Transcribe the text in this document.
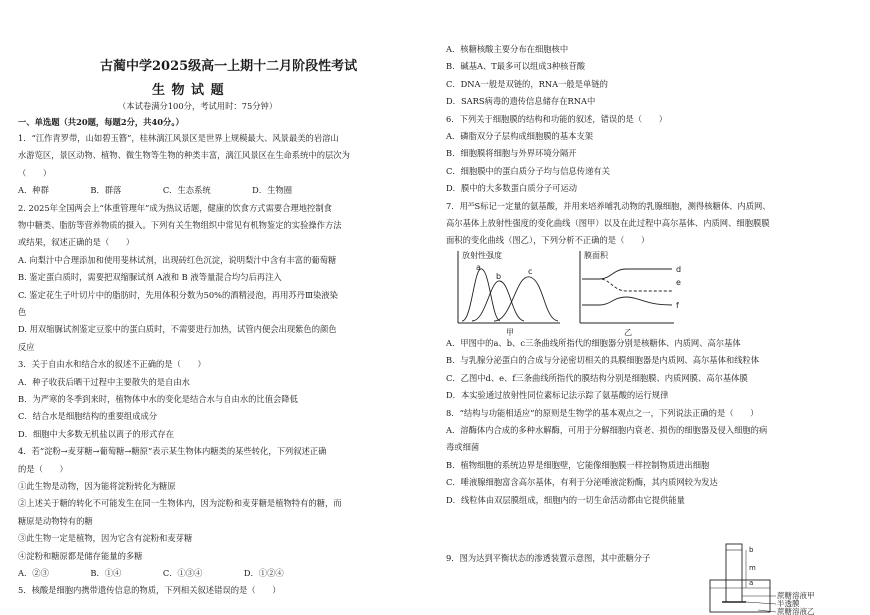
古蔺中学2025级高一上期十二月阶段性考试
生 物 试 题
（本试卷满分100分，考试用时：75分钟）
一、单选题（共20题，每题2分，共40分。）
1．“江作青罗带，山如碧玉簪”，桂林漓江风景区是世界上规模最大、风景最美的岩溶山
水游览区，景区动物、植物、微生物等生物的种类丰富，漓江风景区在生命系统中的层次为
（　　）
A．种群　　　　　B．群落　　　　　C．生态系统　　　　　D．生物圈
2. 2025年全国两会上“体重管理年”成为热议话题，健康的饮食方式需要合理地控制食
物中糖类、脂肪等营养物质的摄入。下列有关生物组织中常见有机物鉴定的实验操作方法
或结果，叙述正确的是（　　）
A. 向梨汁中合理添加和使用斐林试剂，出现砖红色沉淀，说明梨汁中含有丰富的葡萄糖
B. 鉴定蛋白质时，需要把双缩脲试剂 A液和 B 液等量混合均匀后再注入
C. 鉴定花生子叶切片中的脂肪时，先用体积分数为50%的酒精浸泡，再用苏丹Ⅲ染液染
色
D. 用双缩脲试剂鉴定豆浆中的蛋白质时，不需要进行加热，试管内便会出现紫色的颜色
反应
3．关于自由水和结合水的叙述不正确的是（　　）
A．种子收获后晒干过程中主要散失的是自由水
B．为严寒的冬季到来时，植物体中水的变化是结合水与自由水的比值会降低
C．结合水是细胞结构的重要组成成分
D．细胞中大多数无机盐以离子的形式存在
4．若“淀粉→麦芽糖→葡萄糖→糖原”表示某生物体内糖类的某些转化，下列叙述正确
的是（　　）
①此生物是动物，因为能将淀粉转化为糖原
②上述关于糖的转化不可能发生在同一生物体内，因为淀粉和麦芽糖是植物特有的糖，而
糖原是动物特有的糖
③此生物一定是植物，因为它含有淀粉和麦芽糖
④淀粉和糖原都是储存能量的多糖
A．②③　　　　　B．①④　　　　　C．①③④　　　　　D．①②④
5．核酸是细胞内携带遗传信息的物质，下列相关叙述错误的是（　　）
A．核糖核酸主要分布在细胞核中
B．碱基A、T最多可以组成3种核苷酸
C．DNA一般是双链的，RNA一般是单链的
D．SARS病毒的遗传信息储存在RNA中
6．下列关于细胞膜的结构和功能的叙述，错误的是（　　）
A．磷脂双分子层构成细胞膜的基本支架
B．细胞膜将细胞与外界环境分隔开
C．细胞膜中的蛋白质分子均与信息传递有关
D．膜中的大多数蛋白质分子可运动
7．用³⁵S标记一定量的氨基酸，并用来培养哺乳动物的乳腺细胞，测得核糖体、内质网、
高尔基体上放射性强度的变化曲线（图甲）以及在此过程中高尔基体、内质网、细胞膜膜
面积的变化曲线（图乙），下列分析不正确的是（　　）
放射性强度
a
b
c
甲
膜面积
d
e
f
乙
A．甲图中的a、b、c三条曲线所指代的细胞器分别是核糖体、内质网、高尔基体
B．与乳腺分泌蛋白的合成与分泌密切相关的具膜细胞器是内质网、高尔基体和线粒体
C．乙图中d、e、f三条曲线所指代的膜结构分别是细胞膜、内质网膜、高尔基体膜
D．本实验通过放射性同位素标记法示踪了氨基酸的运行规律
8．“结构与功能相适应”的原则是生物学的基本观点之一，下列说法正确的是（　　）
A．溶酶体内合成的多种水解酶，可用于分解细胞内衰老、损伤的细胞器及侵入细胞的病
毒或细菌
B．植物细胞的系统边界是细胞壁，它能像细胞膜一样控制物质进出细胞
C．唾液腺细胞富含高尔基体，有利于分泌唾液淀粉酶，其内质网较为发达
D．线粒体由双层膜组成，细胞内的一切生命活动都由它提供能量
9．图为达到平衡状态的渗透装置示意图，其中蔗糖分子
b
m
a
蔗糖溶液甲
半透膜
蔗糖溶液乙
